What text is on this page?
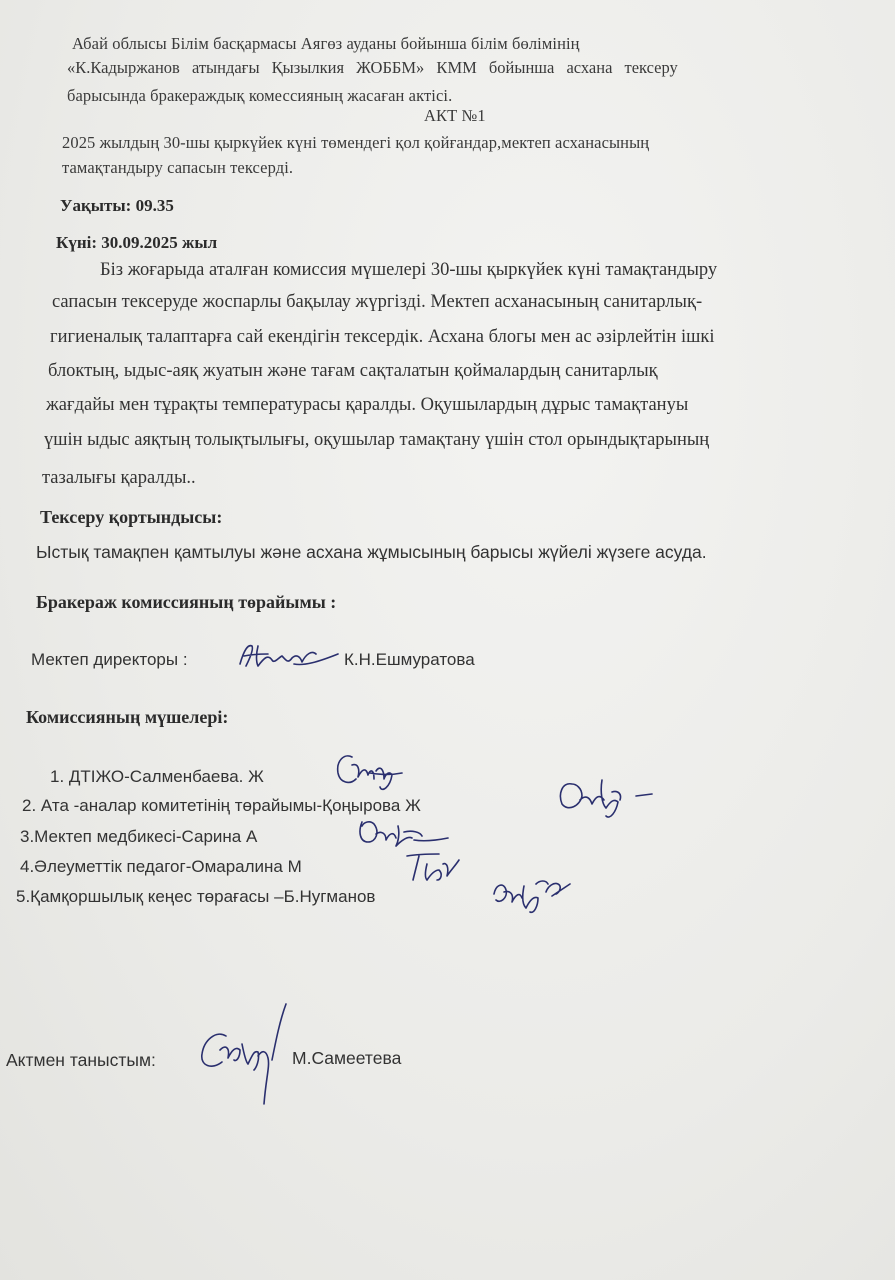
Абай облысы Білім басқармасы Аягөз ауданы бойынша білім бөлімінің
«К.Кадыржанов атындағы Қызылкия ЖОББМ» КММ бойынша асхана тексеру
барысында бракераждық комессияның жасаған актісі.
АКТ №1
2025 жылдың 30-шы қыркүйек күні төмендегі қол қойғандар,мектеп асханасының
тамақтандыру сапасын тексерді.
Уақыты: 09.35
Күні: 30.09.2025 жыл
Біз жоғарыда аталған комиссия мүшелері 30-шы қыркүйек күні тамақтандыру
сапасын тексеруде жоспарлы бақылау жүргізді. Мектеп асханасының санитарлық-
гигиеналық талаптарға сай екендігін тексердік. Асхана блогы мен ас әзірлейтін ішкі
блоктың, ыдыс-аяқ жуатын және тағам сақталатын қоймалардың санитарлық
жағдайы мен тұрақты температурасы қаралды. Оқушылардың дұрыс тамақтануы
үшін ыдыс аяқтың толықтылығы, оқушылар тамақтану үшін стол орындықтарының
тазалығы қаралды..
Тексеру қортындысы:
Ыстық тамақпен қамтылуы және асхана жұмысының барысы жүйелі жүзеге асуда.
Бракераж комиссияның төрайымы :
Мектеп директоры :	К.Н.Ешмуратова
Комиссияның мүшелері:
1. ДТІЖО-Салменбаева. Ж
2. Ата -аналар комитетінің төрайымы-Қоңырова Ж
3.Мектеп медбикесі-Сарина А
4.Әлеуметтік педагог-Омаралина М
5.Қамқоршылық кеңес төрағасы –Б.Нугманов
Актмен таныстым:	М.Самеетева
